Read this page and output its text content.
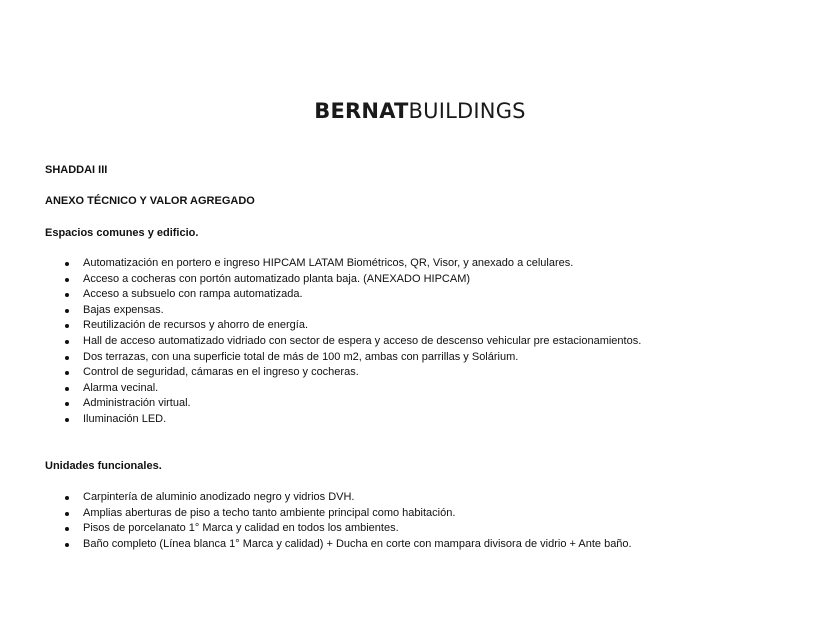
BERNATBUILDINGS
SHADDAI III
ANEXO TÉCNICO Y VALOR AGREGADO
Espacios comunes y edificio.
Automatización en portero e ingreso HIPCAM LATAM Biométricos, QR, Visor, y anexado a celulares.
Acceso a cocheras con portón automatizado planta baja. (ANEXADO HIPCAM)
Acceso a subsuelo con rampa automatizada.
Bajas expensas.
Reutilización de recursos y ahorro de energía.
Hall de acceso automatizado vidriado con sector de espera y acceso de descenso vehicular pre estacionamientos.
Dos terrazas, con una superficie total de más de 100 m2, ambas con parrillas y Solárium.
Control de seguridad, cámaras en el ingreso y cocheras.
Alarma vecinal.
Administración virtual.
Iluminación LED.
Unidades funcionales.
Carpintería de aluminio anodizado negro y vidrios DVH.
Amplias aberturas de piso a techo tanto ambiente principal como habitación.
Pisos de porcelanato 1° Marca y calidad en todos los ambientes.
Baño completo (Línea blanca 1° Marca y calidad) + Ducha en corte con mampara divisora de vidrio + Ante baño.
